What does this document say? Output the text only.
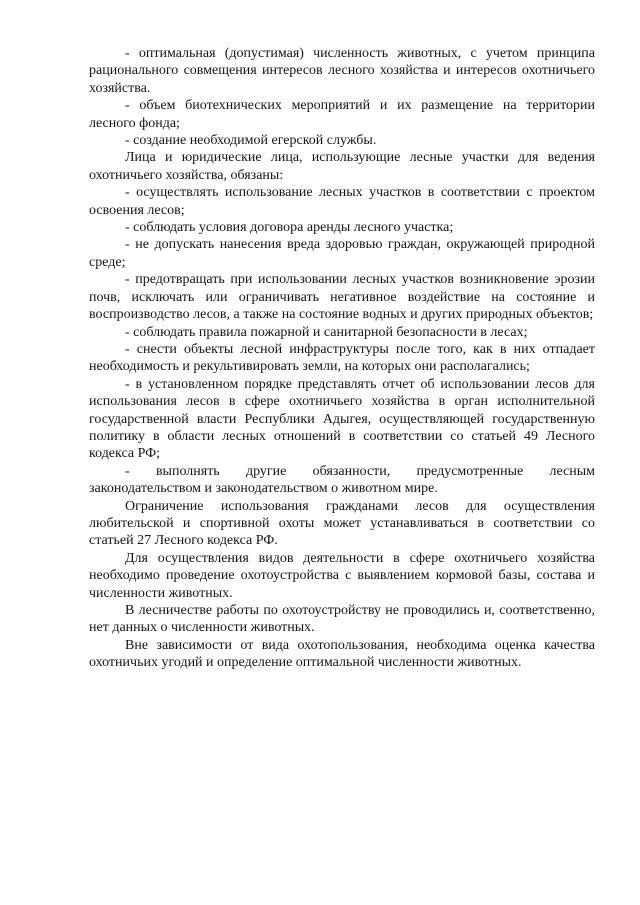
- оптимальная (допустимая) численность животных, с учетом принципа рационального совмещения интересов лесного хозяйства и интересов охотничьего хозяйства.

- объем биотехнических мероприятий и их размещение на территории лесного фонда;

- создание необходимой егерской службы.

Лица и юридические лица, использующие лесные участки для ведения охотничьего хозяйства, обязаны:

- осуществлять использование лесных участков в соответствии с проектом освоения лесов;

- соблюдать условия договора аренды лесного участка;

- не допускать нанесения вреда здоровью граждан, окружающей природной среде;

- предотвращать при использовании лесных участков возникновение эрозии почв, исключать или ограничивать негативное воздействие на состояние и воспроизводство лесов, а также на состояние водных и других природных объектов;

- соблюдать правила пожарной и санитарной безопасности в лесах;

- снести объекты лесной инфраструктуры после того, как в них отпадает необходимость и рекультивировать земли, на которых они располагались;

- в установленном порядке представлять отчет об использовании лесов для использования лесов в сфере охотничьего хозяйства в орган исполнительной государственной власти Республики Адыгея, осуществляющей государственную политику в области лесных отношений в соответствии со статьей 49 Лесного кодекса РФ;

- выполнять другие обязанности, предусмотренные лесным законодательством и законодательством о животном мире.

Ограничение использования гражданами лесов для осуществления любительской и спортивной охоты может устанавливаться в соответствии со статьей 27 Лесного кодекса РФ.

Для осуществления видов деятельности в сфере охотничьего хозяйства необходимо проведение охотоустройства с выявлением кормовой базы, состава и численности животных.

В лесничестве работы по охотоустройству не проводились и, соответственно, нет данных о численности животных.

Вне зависимости от вида охотопользования, необходима оценка качества охотничьих угодий и определение оптимальной численности животных.
